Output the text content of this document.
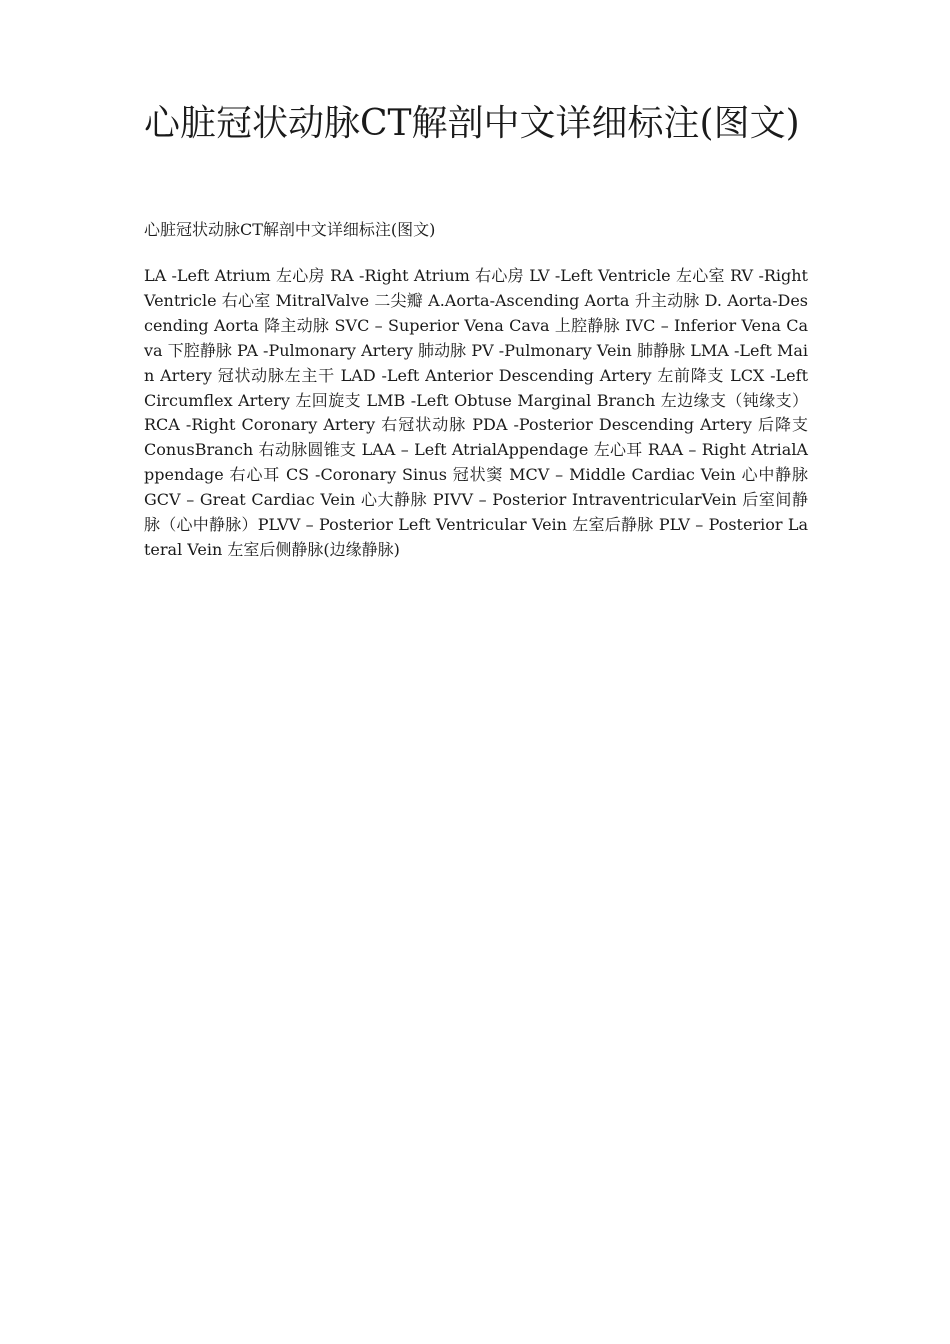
心脏冠状动脉CT解剖中文详细标注(图文)

心脏冠状动脉CT解剖中文详细标注(图文)

LA -Left Atrium 左心房 RA -Right Atrium 右心房 LV -Left Ventricle 左心室 RV -Right Ventricle 右心室 MitralValve 二尖瓣 A.Aorta-Ascending Aorta 升主动脉 D. Aorta-Descending Aorta 降主动脉 SVC – Superior Vena Cava 上腔静脉 IVC – Inferior Vena Cava 下腔静脉 PA -Pulmonary Artery 肺动脉 PV -Pulmonary Vein 肺静脉 LMA -Left Main Artery 冠状动脉左主干 LAD -Left Anterior Descending Artery 左前降支 LCX -Left Circumflex Artery 左回旋支 LMB -Left Obtuse Marginal Branch 左边缘支（钝缘支）RCA -Right Coronary Artery 右冠状动脉 PDA -Posterior Descending Artery 后降支 ConusBranch 右动脉圆锥支 LAA – Left AtrialAppendage 左心耳 RAA – Right AtrialAppendage 右心耳 CS -Coronary Sinus 冠状窦 MCV – Middle Cardiac Vein 心中静脉 GCV – Great Cardiac Vein 心大静脉 PIVV – Posterior IntraventricularVein 后室间静脉（心中静脉）PLVV – Posterior Left Ventricular Vein 左室后静脉 PLV – Posterior Lateral Vein 左室后侧静脉(边缘静脉)
